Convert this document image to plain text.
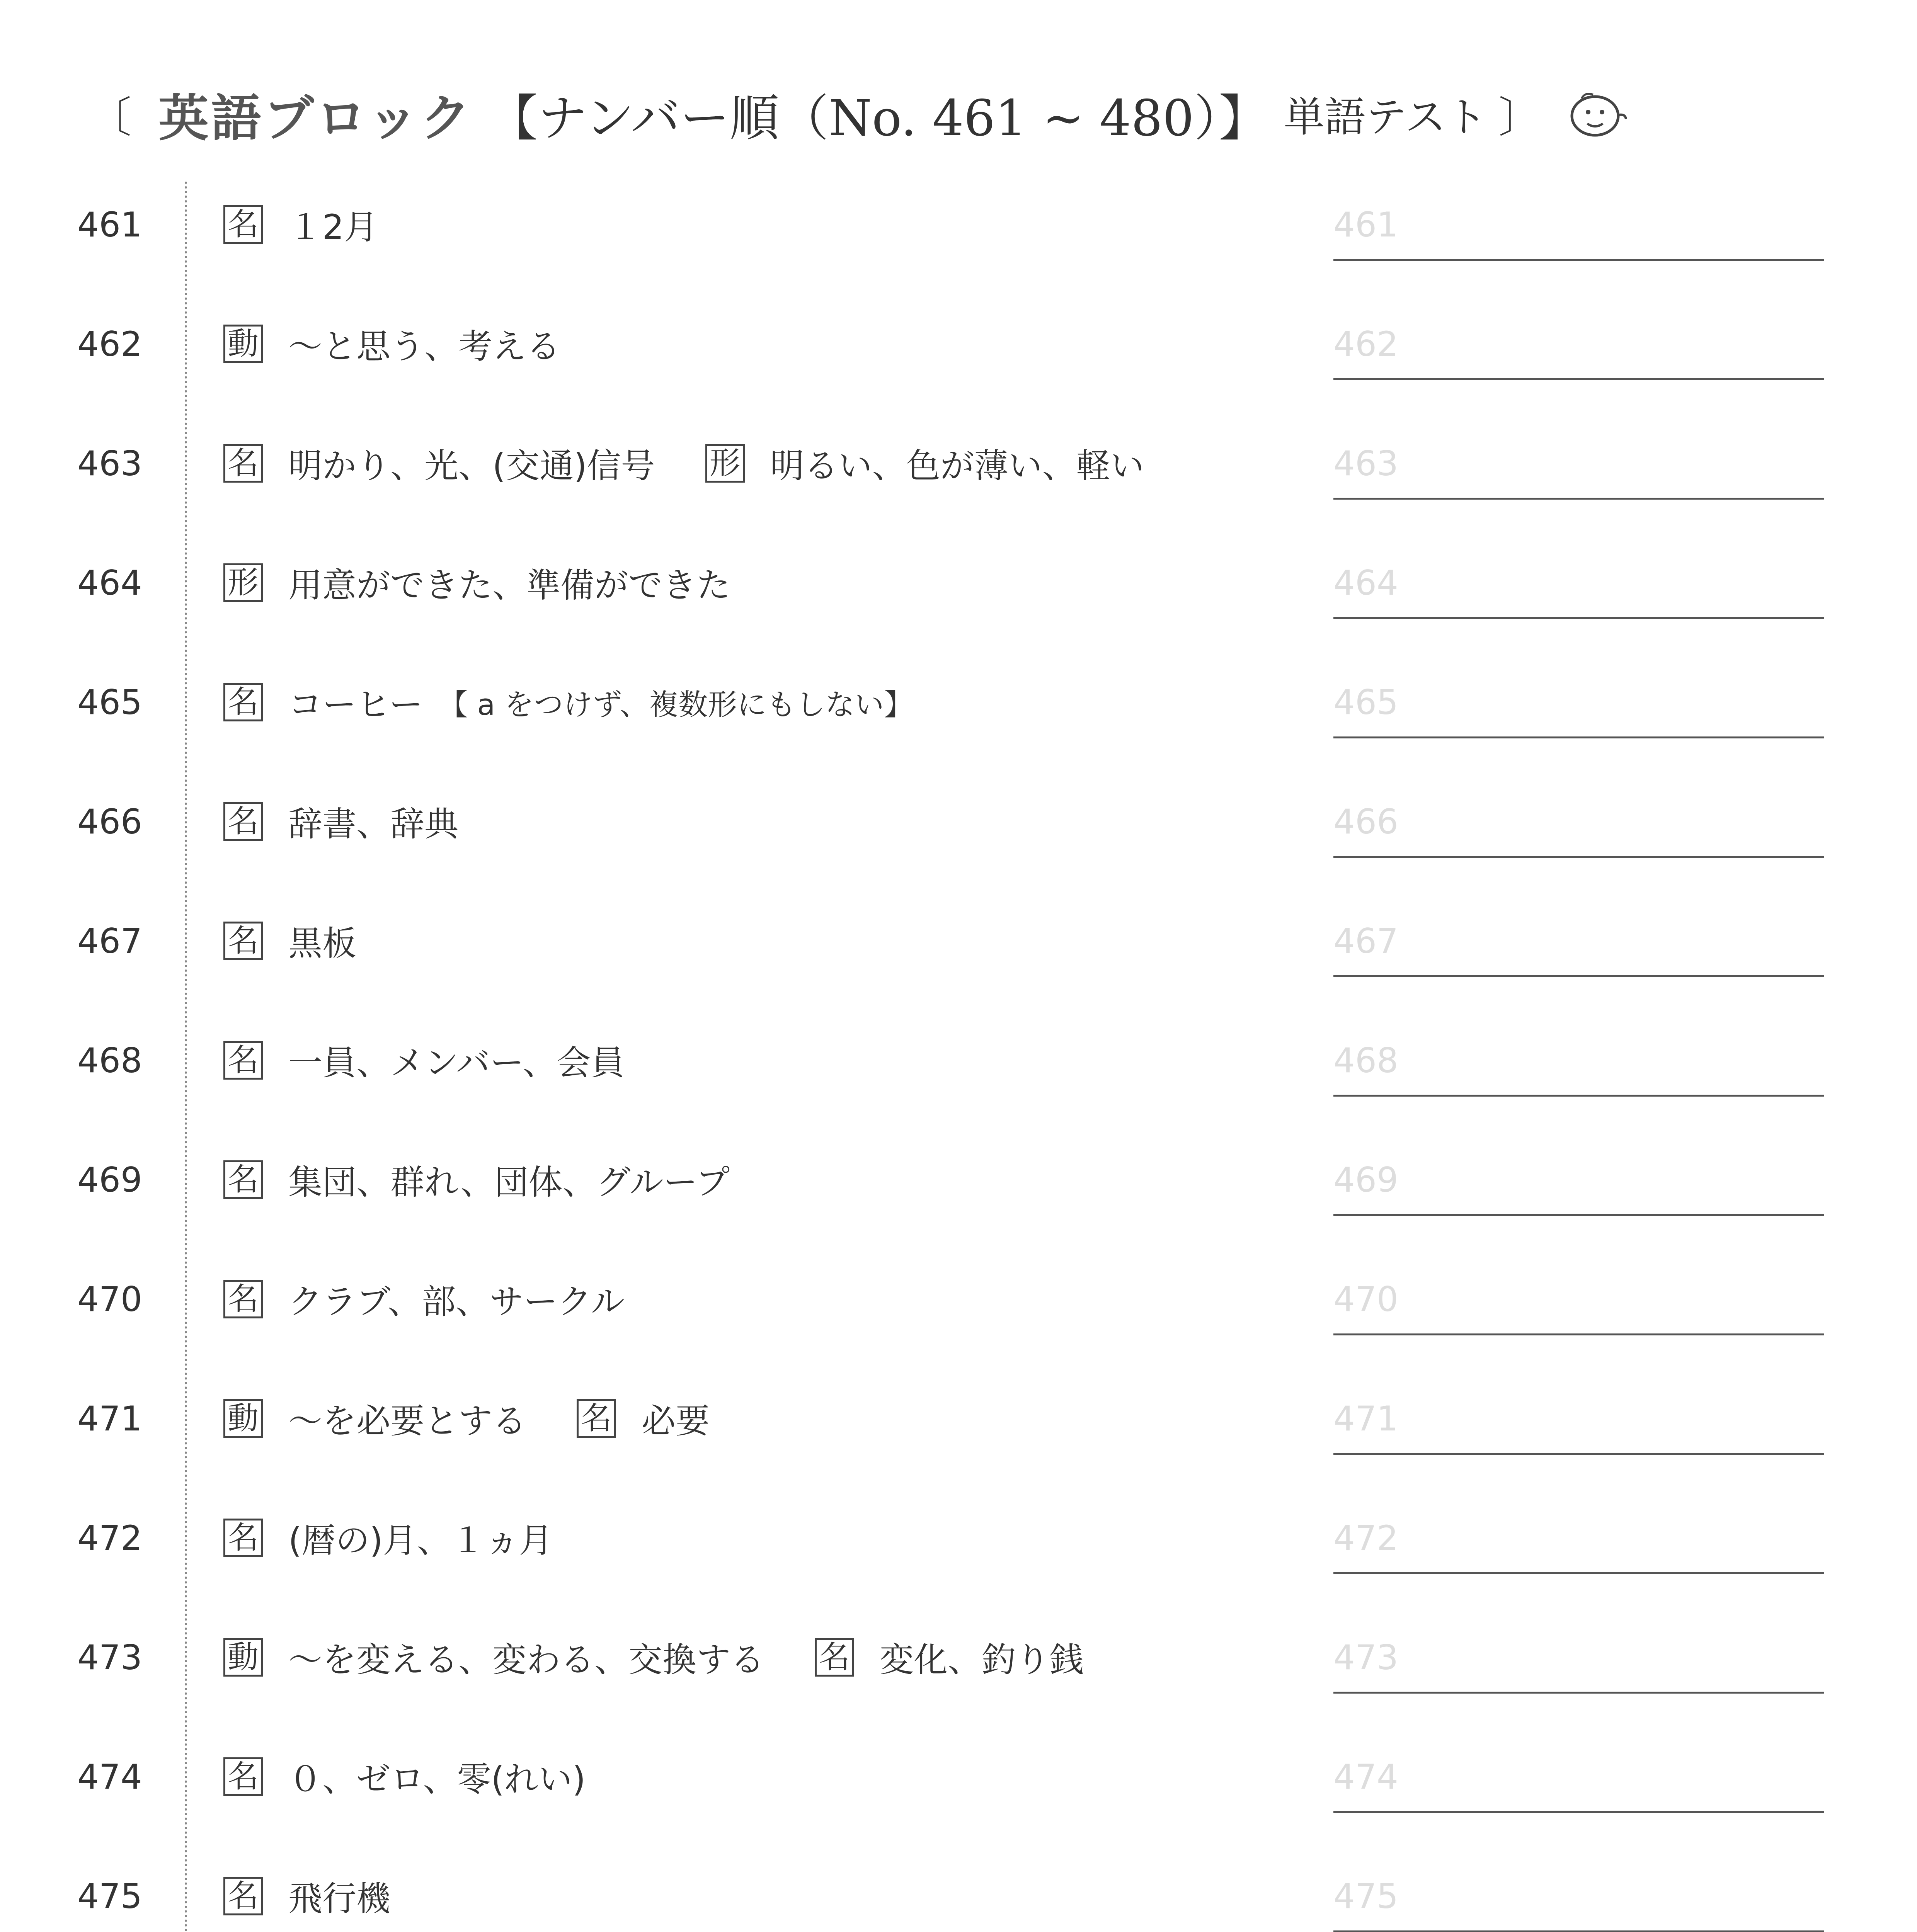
〔 英語ブロック 【ナンバー順（No. 461 ~ 480）】 単語テスト 〕
461	名 １2月	461
462	動 ～と思う、考える	462
463	名 明かり、光、(交通)信号 形 明るい、色が薄い、軽い	463
464	形 用意ができた、準備ができた	464
465	名 コーヒー 【 a をつけず、複数形にもしない】	465
466	名 辞書、辞典	466
467	名 黒板	467
468	名 一員、メンバー、会員	468
469	名 集団、群れ、団体、グループ	469
470	名 クラブ、部、サークル	470
471	動 ～を必要とする 名 必要	471
472	名 (暦の)月、１ヵ月	472
473	動 ～を変える、変わる、交換する 名 変化、釣り銭	473
474	名 ０、ゼロ、零(れい)	474
475	名 飛行機	475
